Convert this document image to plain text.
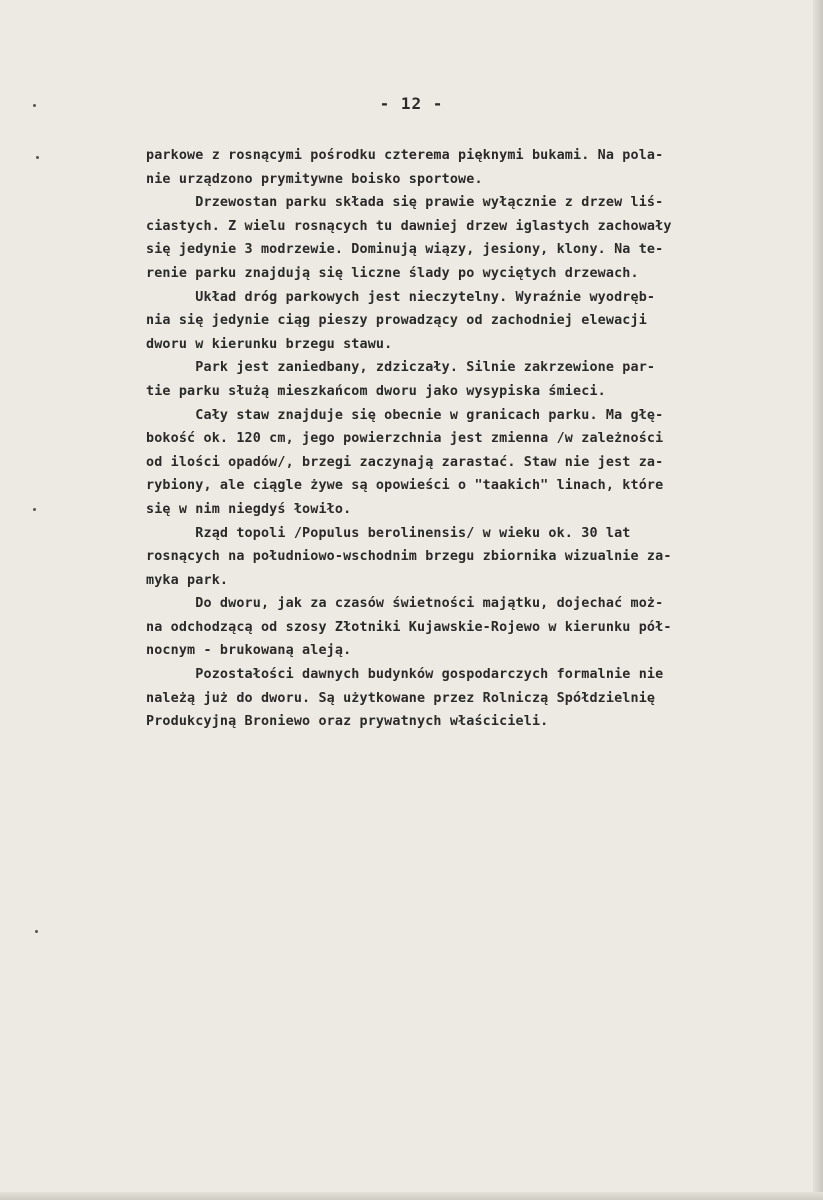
- 12 -
parkowe z rosnącymi pośrodku czterema pięknymi bukami. Na pola-
nie urządzono prymitywne boisko sportowe.
Drzewostan parku składa się prawie wyłącznie z drzew liś-
ciastych. Z wielu rosnących tu dawniej drzew iglastych zachowały
się jedynie 3 modrzewie. Dominują wiązy, jesiony, klony. Na te-
renie parku znajdują się liczne ślady po wyciętych drzewach.
Układ dróg parkowych jest nieczytelny. Wyraźnie wyodręb-
nia się jedynie ciąg pieszy prowadzący od zachodniej elewacji
dworu w kierunku brzegu stawu.
Park jest zaniedbany, zdziczały. Silnie zakrzewione par-
tie parku służą mieszkańcom dworu jako wysypiska śmieci.
Cały staw znajduje się obecnie w granicach parku. Ma głę-
bokość ok. 120 cm, jego powierzchnia jest zmienna /w zależności
od ilości opadów/, brzegi zaczynają zarastać. Staw nie jest za-
rybiony, ale ciągle żywe są opowieści o "taakich" linach, które
się w nim niegdyś łowiło.
Rząd topoli /Populus berolinensis/ w wieku ok. 30 lat
rosnących na południowo-wschodnim brzegu zbiornika wizualnie za-
myka park.
Do dworu, jak za czasów świetności majątku, dojechać moż-
na odchodzącą od szosy Złotniki Kujawskie-Rojewo w kierunku pół-
nocnym - brukowaną aleją.
Pozostałości dawnych budynków gospodarczych formalnie nie
należą już do dworu. Są użytkowane przez Rolniczą Spółdzielnię
Produkcyjną Broniewo oraz prywatnych właścicieli.
